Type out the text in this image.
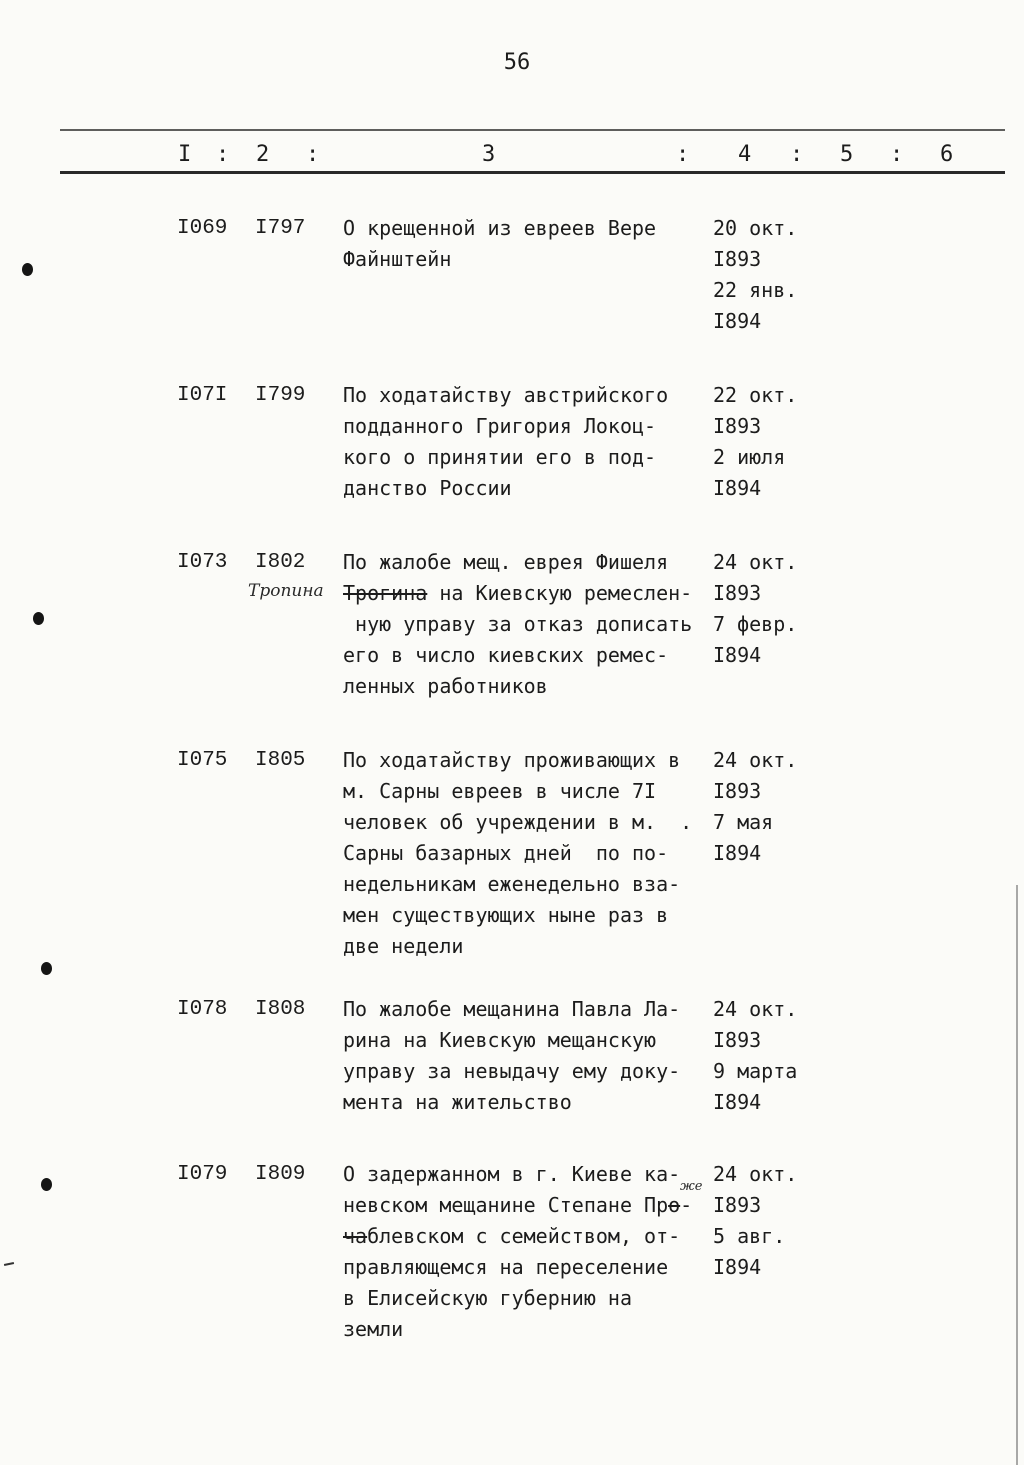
56
I : 2 :	3	: 4 : 5 : 6
I069 I797 О крещенной из евреев Вере
Файнштейн
20 окт.
I893
22 янв.
I894
I07I I799 По ходатайству австрийского
подданного Григория Локоц-
кого о принятии его в под-
данство России
22 окт.
I893
2 июля
I894
I073 I802
Тропина
По жалобе мещ. еврея Фишеля
Трогина на Киевскую ремеслен-
ную управу за отказ дописать
его в число киевских ремес-
ленных работников
24 окт.
I893
7 февр.
I894
I075 I805 По ходатайству проживающих в
м. Сарны евреев в числе 7I
человек об учреждении в м.  .
Сарны базарных дней  по по-
недельникам еженедельно вза-
мен существующих ныне раз в
две недели
24 окт.
I893
7 мая
I894
I078 I808 По жалобе мещанина Павла Ла-
рина на Киевскую мещанскую
управу за невыдачу ему доку-
мента на жительство
24 окт.
I893
9 марта
I894
I079 I809
же
О задержанном в г. Киеве ка-
невском мещанине Степане Про-
чаблевском с семейством, от-
правляющемся на переселение
в Елисейскую губернию на
земли
24 окт.
I893
5 авг.
I894
